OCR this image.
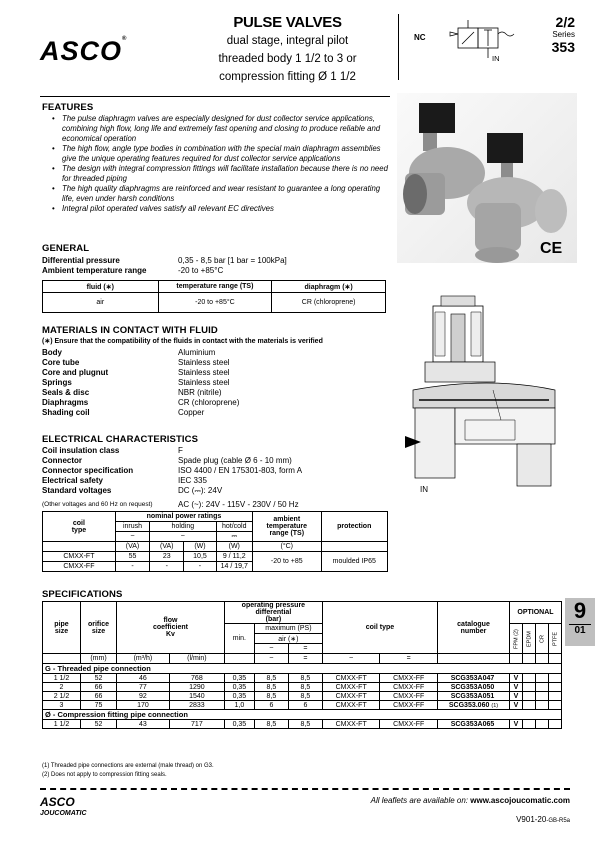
ASCO®
PULSE VALVES
dual stage, integral pilot
threaded body 1 1/2 to 3 or
compression fitting Ø 1 1/2
NC
IN
2/2
Series
353
FEATURES
• The pulse diaphragm valves are especially designed for dust collector service applications, combining high flow, long life and extremely fast opening and closing to produce reliable and economical operation
• The high flow, angle type bodies in combination with the special main diaphragm assemblies give the unique operating features required for dust collector service applications
• The design with integral compression fittings will facilitate installation because there is no need for threaded piping
• The high quality diaphragms are reinforced and wear resistant to guarantee a long operating life, even under harsh conditions
• Integral pilot operated valves satisfy all relevant EC directives
CE
GENERAL
Differential pressure	0,35 - 8,5 bar [1 bar = 100kPa]
Ambient temperature range	-20 to +85°C
fluid (∗)	temperature range (TS)	diaphragm (∗)
air	-20 to +85°C	CR (chloroprene)
MATERIALS IN CONTACT WITH FLUID
(∗) Ensure that the compatibility of the fluids in contact with the materials is verified
Body	Aluminium
Core tube	Stainless steel
Core and plugnut	Stainless steel
Springs	Stainless steel
Seals & disc	NBR (nitrile)
Diaphragms	CR (chloroprene)
Shading coil	Copper
IN
ELECTRICAL CHARACTERISTICS
Coil insulation class	F
Connector	Spade plug (cable Ø 6 - 10 mm)
Connector specification	ISO 4400 / EN 175301-803, form A
Electrical safety	IEC 335
Standard voltages	DC (⎓): 24V
(Other voltages and 60 Hz on request)	AC (~): 24V - 115V - 230V / 50 Hz
coil
type	nominal power ratings				ambient
temperature
range (TS)	protection
	inrush	holding		hot/cold		
	~	~		⎓		
	(VA)	(VA)	(W)	(W)	(°C)	
CMXX-FT	55	23	10,5	9 / 11,2	-20 to +85	moulded IP65
CMXX-FF	-	-	-	14 / 19,7		
SPECIFICATIONS
pipe
size	orifice
size	flow
coefficient
Kv		operating pressure differential
(bar)			coil type		catalogue
number	OPTIONAL			
				min.	maximum (PS)					FPM (2)	EPDM	CR	PTFE
					air (∗)								
					~	=							
	(mm)	(m³/h)	(l/min)		~	=	~	=					
G - Threaded pipe connection													
1 1/2	52	46	768	0,35	8,5	8,5	CMXX-FT	CMXX-FF	SCG353A047	V			
2	66	77	1290	0,35	8,5	8,5	CMXX-FT	CMXX-FF	SCG353A050	V			
2 1/2	66	92	1540	0,35	8,5	8,5	CMXX-FT	CMXX-FF	SCG353A051	V			
3	75	170	2833	1,0	6	6	CMXX-FT	CMXX-FF	SCG353.060 (1)	V			
Ø - Compression fitting pipe connection													
1 1/2	52	43	717	0,35	8,5	8,5	CMXX-FT	CMXX-FF	SCG353A065	V			
(1) Threaded pipe connections are external (male thread) on G3.
(2) Does not apply to compression fitting seals.
9
01
ASCO
JOUCOMATIC
All leaflets are available on: www.ascojoucomatic.com
V901-20-GB-R5a
